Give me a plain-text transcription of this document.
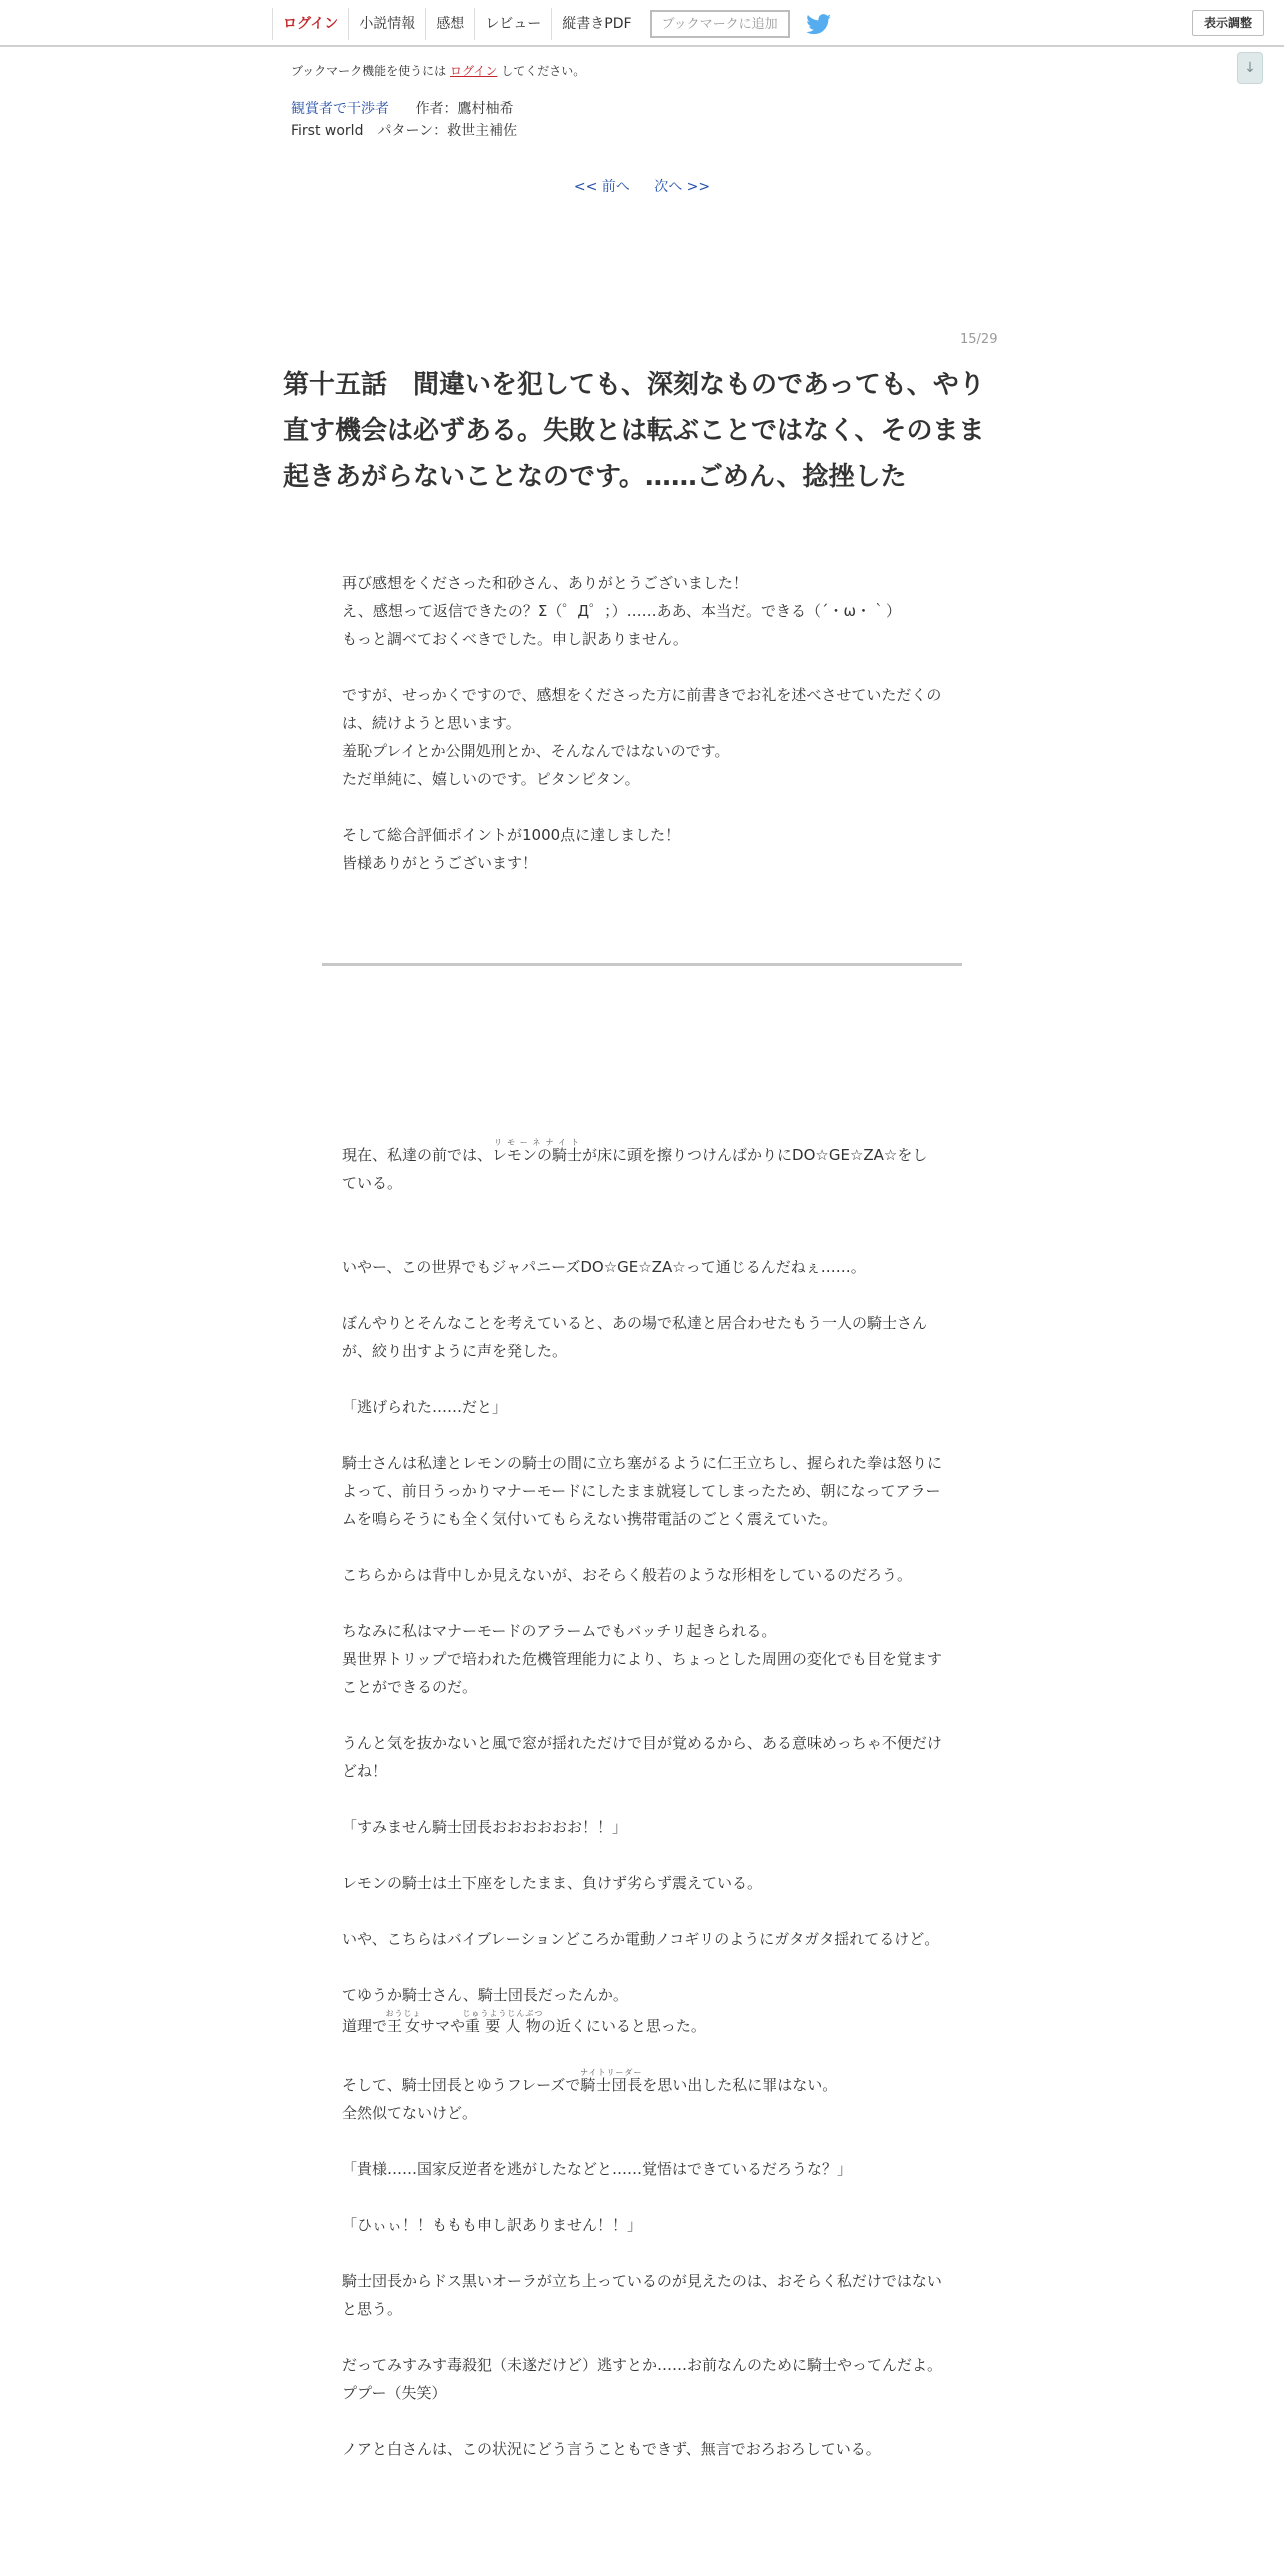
ログイン	小説情報	感想	レビュー	縦書きPDF	ブックマークに追加	表示調整
↓
ブックマーク機能を使うには ログイン してください。
観賞者で干渉者 作者：鷹村柚希
First world　パターン：救世主補佐
<< 前へ 次へ >>
15/29
第十五話　間違いを犯しても、深刻なものであっても、やり直す機会は必ずある。失敗とは転ぶことではなく、そのまま起きあがらないことなのです。……ごめん、捻挫した

再び感想をくださった和砂さん、ありがとうございました！

え、感想って返信できたの？Σ（゜Д゜；）……ああ、本当だ。できる（´・ω・｀）

もっと調べておくべきでした。申し訳ありません。

ですが、せっかくですので、感想をくださった方に前書きでお礼を述べさせていただくのは、続けようと思います。

羞恥プレイとか公開処刑とか、そんなんではないのです。

ただ単純に、嬉しいのです。ピタンピタン。

そして総合評価ポイントが1000点に達しました！

皆様ありがとうございます！

現在、私達の前では、レモンの騎士リモーネナイトが床に頭を擦りつけんばかりにDO☆GE☆ZA☆をしている。

いやー、この世界でもジャパニーズDO☆GE☆ZA☆って通じるんだねぇ……。

ぼんやりとそんなことを考えていると、あの場で私達と居合わせたもう一人の騎士さんが、絞り出すように声を発した。

「逃げられた……だと」

騎士さんは私達とレモンの騎士の間に立ち塞がるように仁王立ちし、握られた拳は怒りによって、前日うっかりマナーモードにしたまま就寝してしまったため、朝になってアラームを鳴らそうにも全く気付いてもらえない携帯電話のごとく震えていた。

こちらからは背中しか見えないが、おそらく般若のような形相をしているのだろう。

ちなみに私はマナーモードのアラームでもバッチリ起きられる。

異世界トリップで培われた危機管理能力により、ちょっとした周囲の変化でも目を覚ますことができるのだ。

うんと気を抜かないと風で窓が揺れただけで目が覚めるから、ある意味めっちゃ不便だけどね！

「すみません騎士団長おおおおおお！！」

レモンの騎士は土下座をしたまま、負けず劣らず震えている。

いや、こちらはバイブレーションどころか電動ノコギリのようにガタガタ揺れてるけど。

てゆうか騎士さん、騎士団長だったんか。

道理で王女おうじょサマや重要人物じゅうようじんぶつの近くにいると思った。

そして、騎士団長とゆうフレーズで騎士団長ナイトリーダーを思い出した私に罪はない。

全然似てないけど。

「貴様……国家反逆者を逃がしたなどと……覚悟はできているだろうな？」

「ひぃぃ！！ももも申し訳ありません！！」

騎士団長からドス黒いオーラが立ち上っているのが見えたのは、おそらく私だけではないと思う。

だってみすみす毒殺犯（未遂だけど）逃すとか……お前なんのために騎士やってんだよ。ププー（失笑）

ノアと白さんは、この状況にどう言うこともできず、無言でおろおろしている。
